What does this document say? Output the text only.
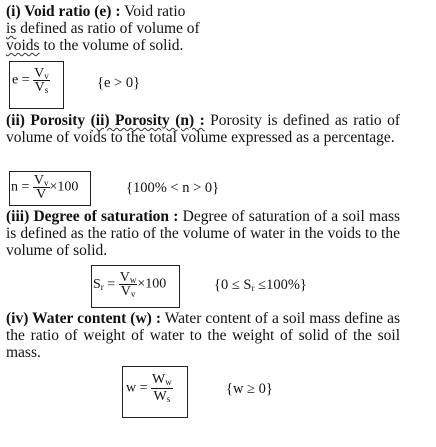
(i) Void ratio (e) : Void ratio
is defined as ratio of volume of
voids to the volume of solid.
$e = \frac{V_v}{V_s}$	{e > 0}
(ii) Porosity (ii) Porosity (n) : Porosity is defined as ratio of volume of voids to the total volume expressed as a percentage.
$n = \frac{V_v}{V} \times 100$	{100% < n > 0}
(iii) Degree of saturation : Degree of saturation of a soil mass is defined as the ratio of the volume of water in the voids to the volume of solid.
$S_r = \frac{V_w}{V_v} \times 100$	$\{0 \le S_r \le 100\%\}$
(iv) Water content (w) : Water content of a soil mass define as the ratio of weight of water to the weight of solid of the soil mass.
$w = \frac{W_w}{W_s}$	{w ≥ 0}
